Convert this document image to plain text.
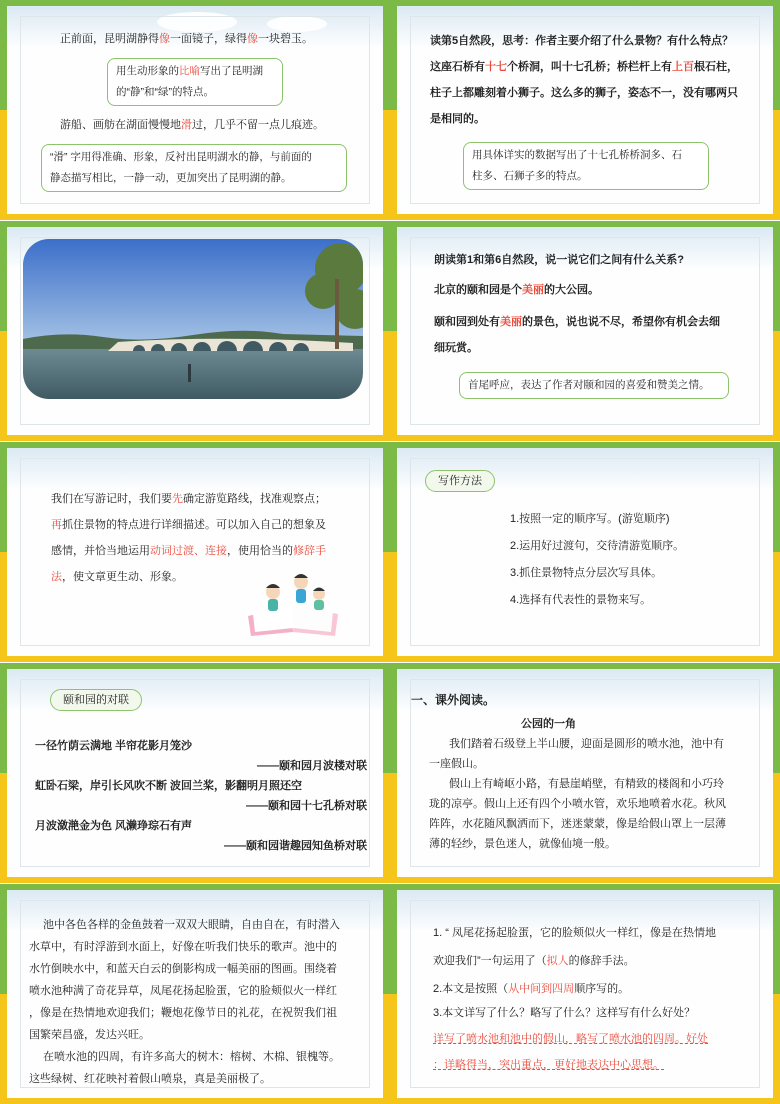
正前面，昆明湖静得像一面镜子，绿得像一块碧玉。
用生动形象的比喻写出了昆明湖
的“静”和“绿”的特点。
游船、画舫在湖面慢慢地滑过，几乎不留一点儿痕迹。
“滑” 字用得准确、形象，反衬出昆明湖水的静，与前面的
静态描写相比，一静一动，更加突出了昆明湖的静。
读第5自然段，思考：作者主要介绍了什么景物？有什么特点？
这座石桥有十七个桥洞，叫十七孔桥；桥栏杆上有上百根石柱，
柱子上都雕刻着小狮子。这么多的狮子，姿态不一，没有哪两只
是相同的。
用具体详实的数据写出了十七孔桥桥洞多、石
柱多、石狮子多的特点。
朗读第1和第6自然段，说一说它们之间有什么关系?
北京的颐和园是个美丽的大公园。
颐和园到处有美丽的景色，说也说不尽，希望你有机会去细
细玩赏。
首尾呼应，表达了作者对颐和园的喜爱和赞美之情。
我们在写游记时，我们要先确定游览路线，找准观察点；
再抓住景物的特点进行详细描述。可以加入自己的想象及
感情，并恰当地运用动词过渡、连接，使用恰当的修辞手
法，使文章更生动、形象。
写作方法
1.按照一定的顺序写。(游览顺序)
2.运用好过渡句，交待清游览顺序。
3.抓住景物特点分层次写具体。
4.选择有代表性的景物来写。
颐和园的对联
一径竹荫云满地 半帘花影月笼沙
——颐和园月波楼对联
虹卧石梁，岸引长风吹不断 波回兰桨，影翻明月照还空
——颐和园十七孔桥对联
月波潋滟金为色 风濑琤琮石有声
——颐和园谐趣园知鱼桥对联
一、课外阅读。
公园的一角
我们踏着石级登上半山腰，迎面是圆形的喷水池，池中有
一座假山。
假山上有崎岖小路，有悬崖峭壁，有精致的楼阁和小巧玲
珑的凉亭。假山上还有四个小喷水管，欢乐地喷着水花。秋风
阵阵，水花随风飘洒而下，迷迷蒙蒙，像是给假山罩上一层薄
薄的轻纱，景色迷人，就像仙境一般。
池中各色各样的金鱼鼓着一双双大眼睛，自由自在，有时潜入
水草中，有时浮游到水面上，好像在听我们快乐的歌声。池中的
水竹倒映水中，和蓝天白云的倒影构成一幅美丽的图画。围绕着
喷水池种满了奇花异草，凤尾花扬起脸蛋，它的脸颊似火一样红
，像是在热情地欢迎我们；鞭炮花像节日的礼花，在祝贺我们祖
国繁荣昌盛，发达兴旺。
在喷水池的四周，有许多高大的树木：榕树、木棉、银槐等。
这些绿树、红花映衬着假山喷泉，真是美丽极了。
1. “ 凤尾花扬起脸蛋，它的脸颊似火一样红，像是在热情地
欢迎我们”一句运用了（拟人的修辞手法。
2.本文是按照（从中间到四周顺序写的。
3.本文详写了什么？略写了什么？这样写有什么好处？
详写了喷水池和池中的假山，略写了喷水池的四周。好处
：详略得当，突出重点，更好地表达中心思想。
